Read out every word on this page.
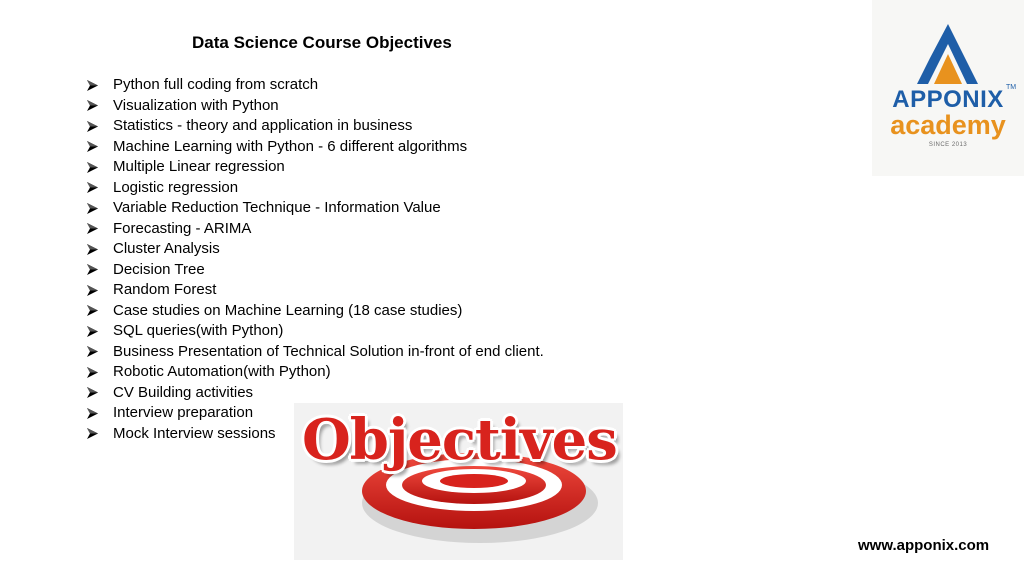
Data Science Course Objectives
Python full coding from scratch
Visualization with Python
Statistics - theory and application in business
Machine Learning with Python - 6 different algorithms
Multiple Linear regression
Logistic regression
Variable Reduction Technique - Information Value
Forecasting - ARIMA
Cluster Analysis
Decision Tree
Random Forest
Case studies on Machine Learning (18 case studies)
SQL queries(with Python)
Business Presentation of Technical Solution in-front of end client.
Robotic Automation(with Python)
CV Building activities
Interview preparation
Mock Interview sessions
APPONIX TM
academy
SINCE 2013
Objectives
www.apponix.com
